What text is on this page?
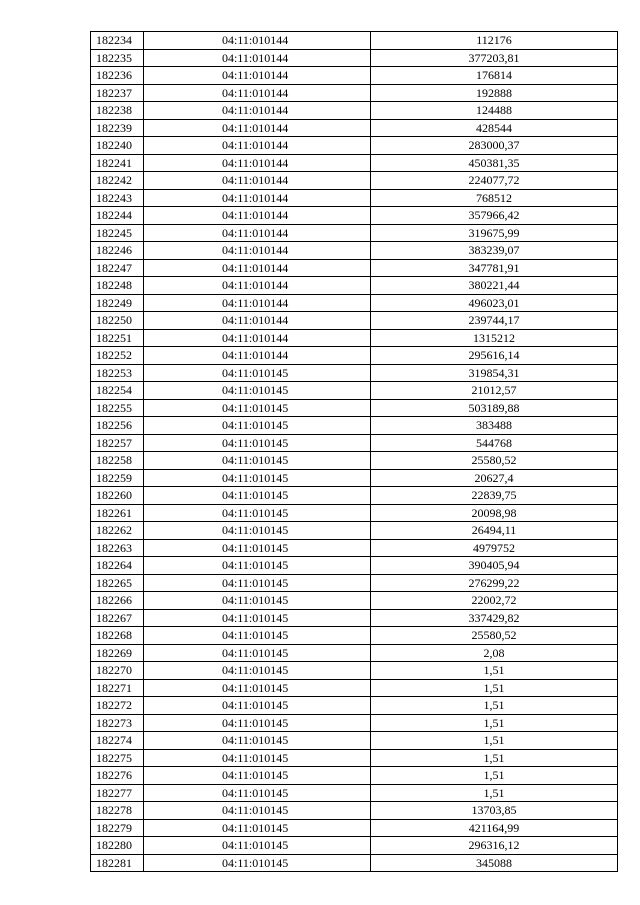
182234	04:11:010144	112176
182235	04:11:010144	377203,81
182236	04:11:010144	176814
182237	04:11:010144	192888
182238	04:11:010144	124488
182239	04:11:010144	428544
182240	04:11:010144	283000,37
182241	04:11:010144	450381,35
182242	04:11:010144	224077,72
182243	04:11:010144	768512
182244	04:11:010144	357966,42
182245	04:11:010144	319675,99
182246	04:11:010144	383239,07
182247	04:11:010144	347781,91
182248	04:11:010144	380221,44
182249	04:11:010144	496023,01
182250	04:11:010144	239744,17
182251	04:11:010144	1315212
182252	04:11:010144	295616,14
182253	04:11:010145	319854,31
182254	04:11:010145	21012,57
182255	04:11:010145	503189,88
182256	04:11:010145	383488
182257	04:11:010145	544768
182258	04:11:010145	25580,52
182259	04:11:010145	20627,4
182260	04:11:010145	22839,75
182261	04:11:010145	20098,98
182262	04:11:010145	26494,11
182263	04:11:010145	4979752
182264	04:11:010145	390405,94
182265	04:11:010145	276299,22
182266	04:11:010145	22002,72
182267	04:11:010145	337429,82
182268	04:11:010145	25580,52
182269	04:11:010145	2,08
182270	04:11:010145	1,51
182271	04:11:010145	1,51
182272	04:11:010145	1,51
182273	04:11:010145	1,51
182274	04:11:010145	1,51
182275	04:11:010145	1,51
182276	04:11:010145	1,51
182277	04:11:010145	1,51
182278	04:11:010145	13703,85
182279	04:11:010145	421164,99
182280	04:11:010145	296316,12
182281	04:11:010145	345088
